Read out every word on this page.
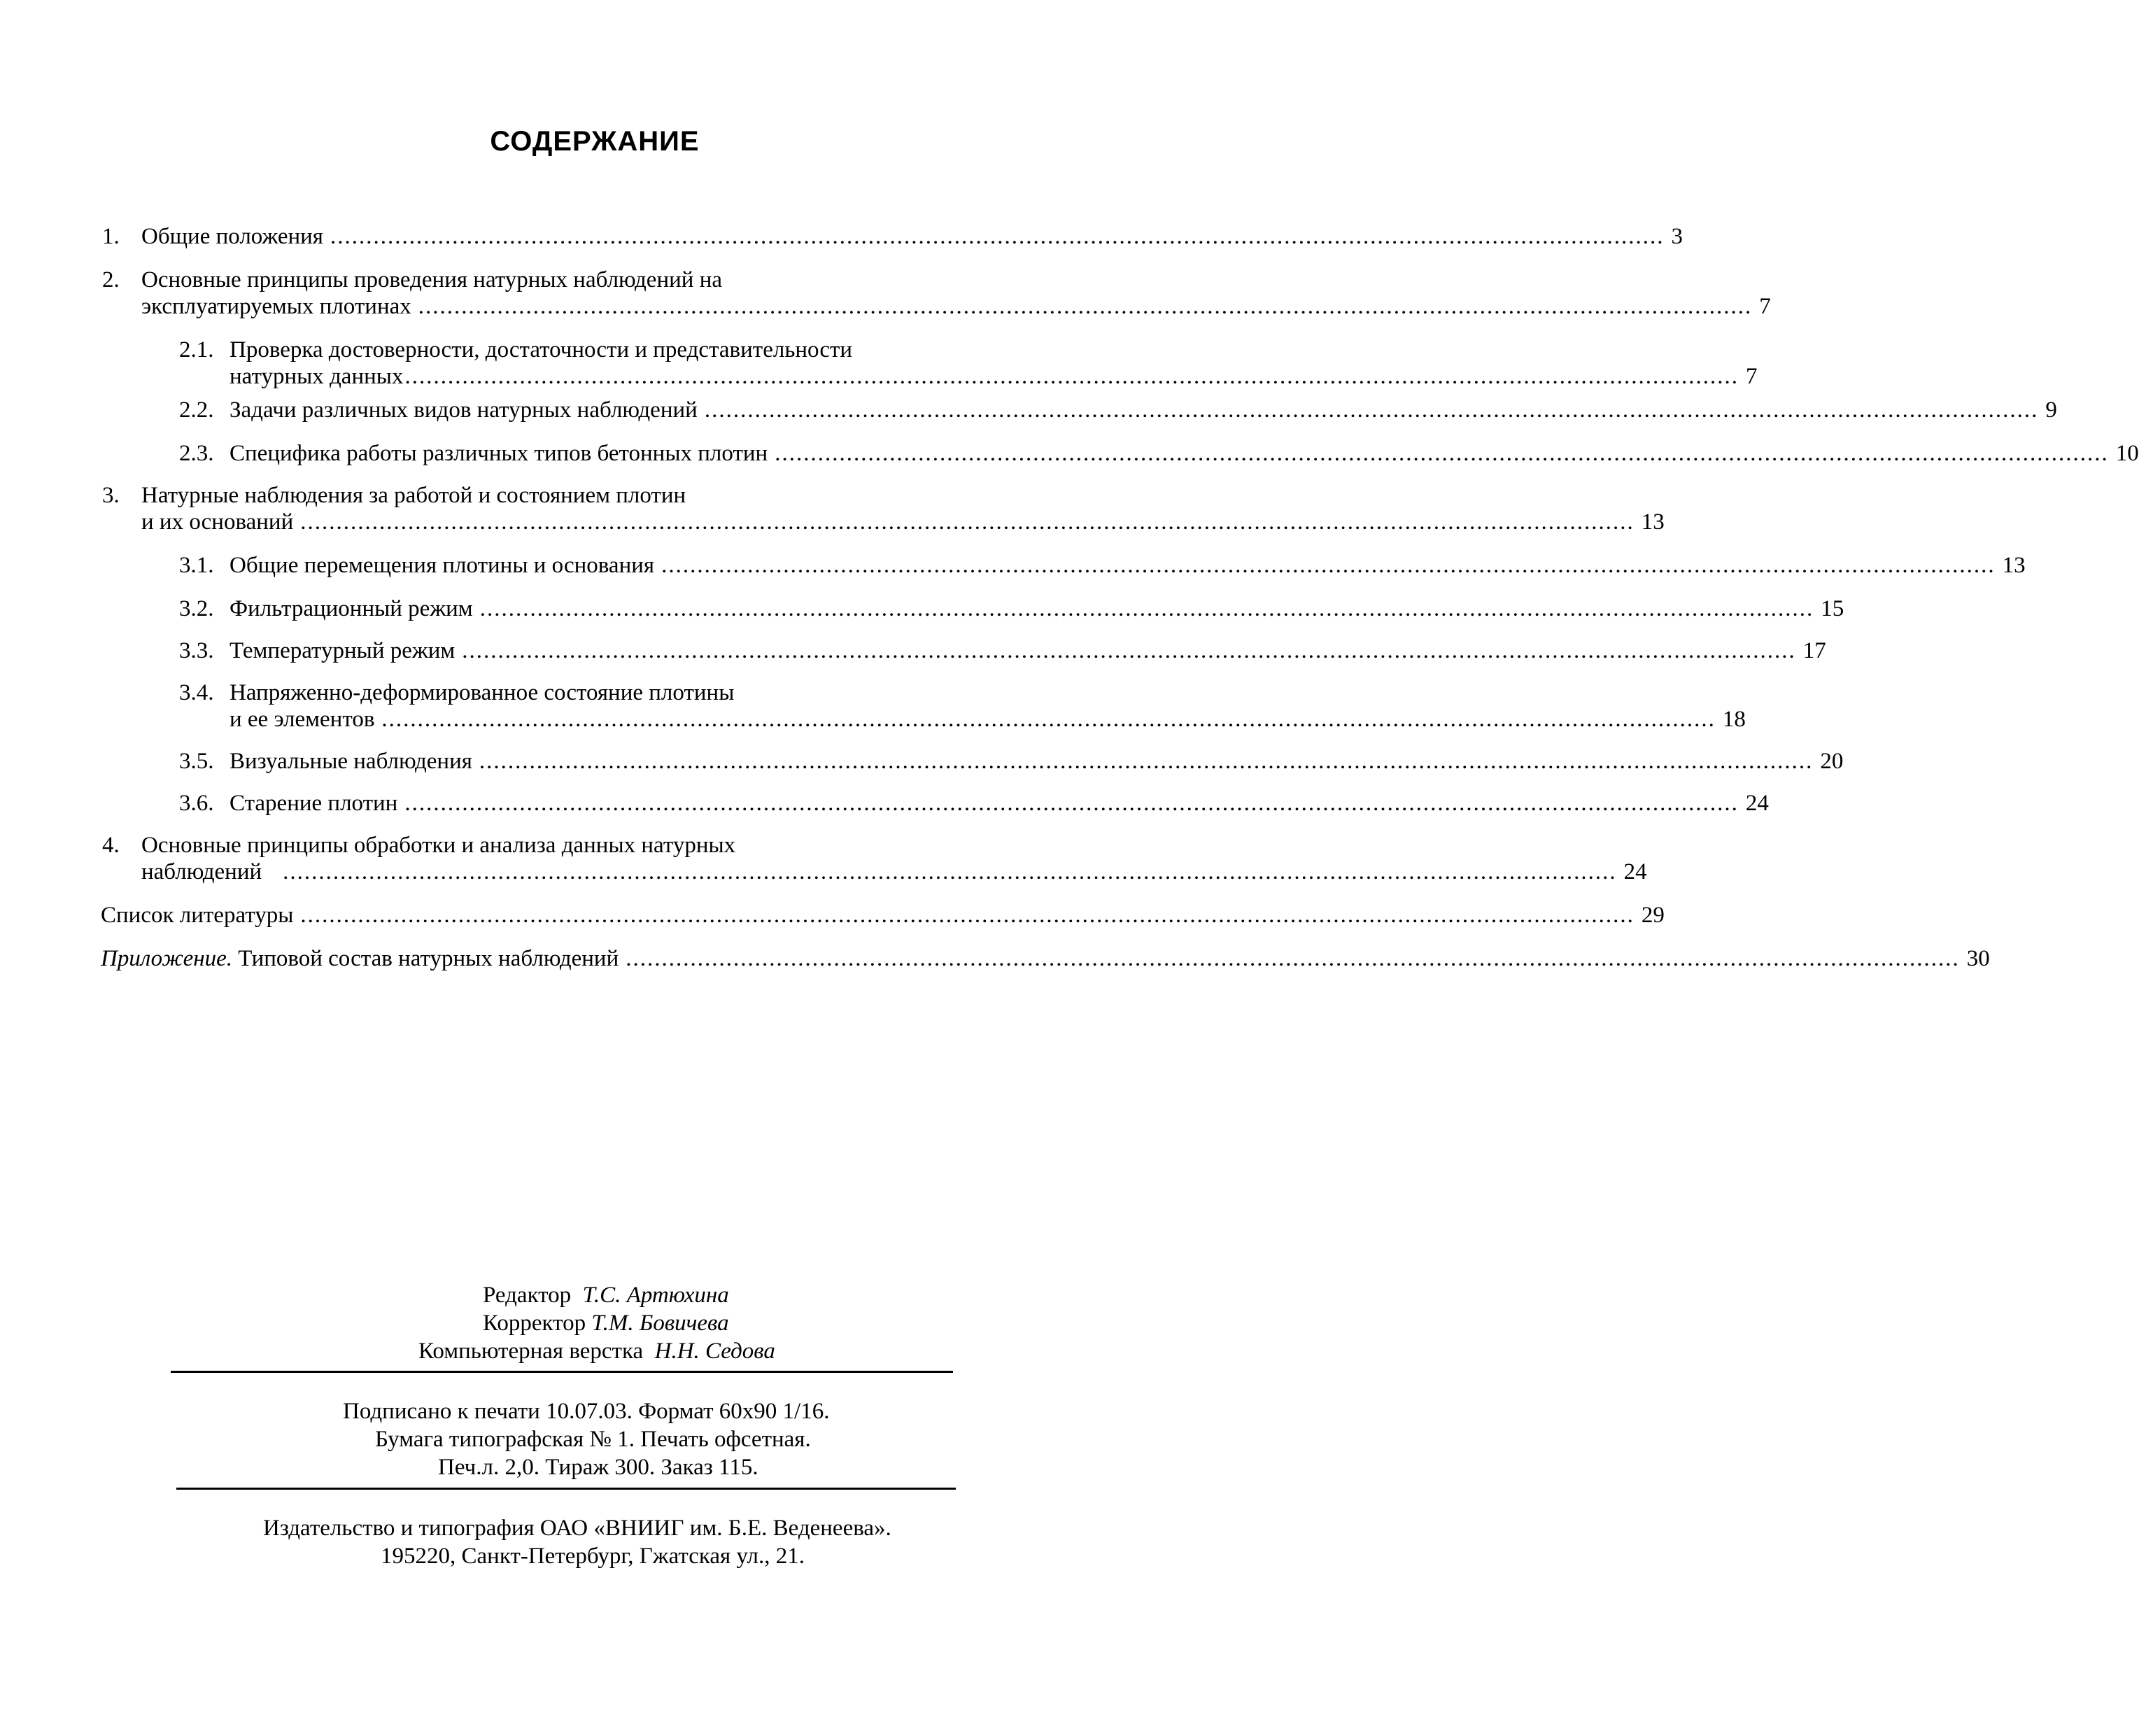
СОДЕРЖАНИЕ
1. Общие положения .......................................................................................................................................................................................... 3
2. Основные принципы проведения натурных наблюдений на
эксплуатируемых плотинах .......................................................................................................................................................................................... 7
2.1. Проверка достоверности, достаточности и представительности
натурных данных .......................................................................................................................................................................................... 7
2.2. Задачи различных видов натурных наблюдений .......................................................................................................................................................................................... 9
2.3. Специфика работы различных типов бетонных плотин .......................................................................................................................................................................................... 10
3. Натурные наблюдения за работой и состоянием плотин
и их оснований .......................................................................................................................................................................................... 13
3.1. Общие перемещения плотины и основания .......................................................................................................................................................................................... 13
3.2. Фильтрационный режим .......................................................................................................................................................................................... 15
3.3. Температурный режим .......................................................................................................................................................................................... 17
3.4. Напряженно-деформированное состояние плотины
и ее элементов .......................................................................................................................................................................................... 18
3.5. Визуальные наблюдения .......................................................................................................................................................................................... 20
3.6. Старение плотин .......................................................................................................................................................................................... 24
4. Основные принципы обработки и анализа данных натурных
наблюдений .......................................................................................................................................................................................... 24
Список литературы .......................................................................................................................................................................................... 29
Приложение. Типовой состав натурных наблюдений .......................................................................................................................................................................................... 30
Редактор Т.С. Артюхина
Корректор Т.М. Бовичева
Компьютерная верстка Н.Н. Седова
Подписано к печати 10.07.03. Формат 60х90 1/16.
Бумага типографская № 1. Печать офсетная.
Печ.л. 2,0. Тираж 300. Заказ 115.
Издательство и типография ОАО «ВНИИГ им. Б.Е. Веденеева».
195220, Санкт-Петербург, Гжатская ул., 21.
